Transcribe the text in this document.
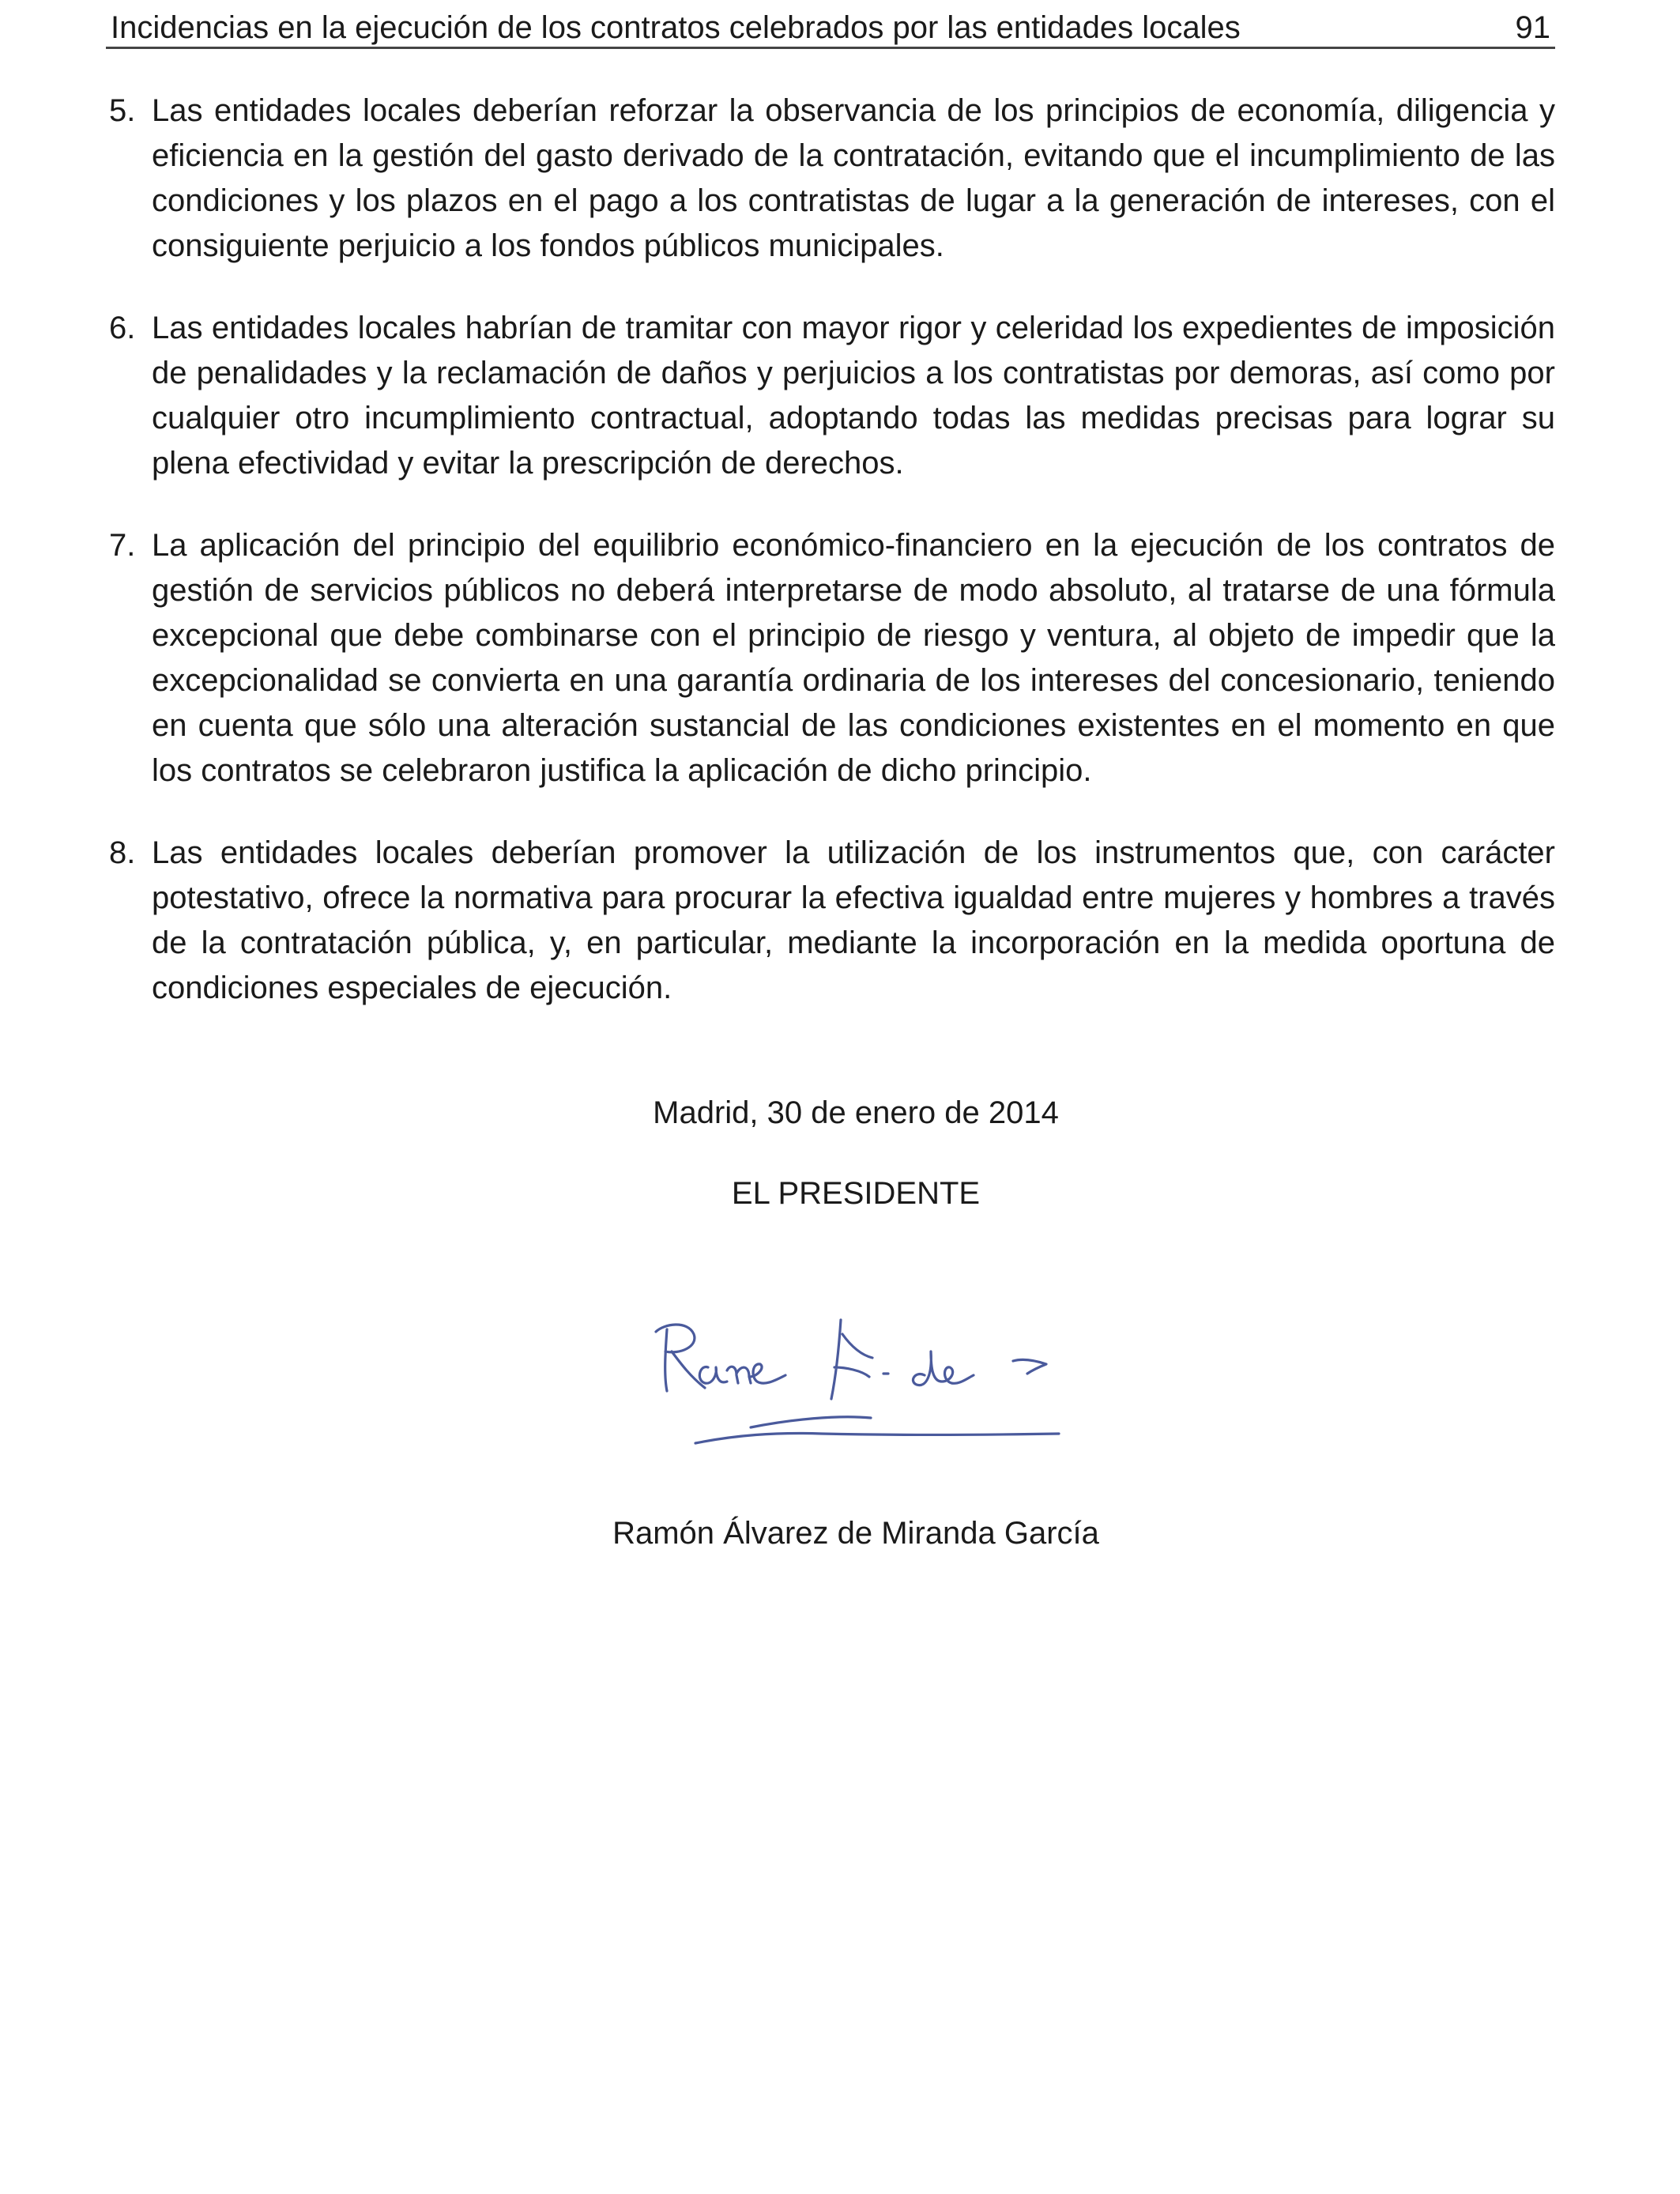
Incidencias en la ejecución de los contratos celebrados por las entidades locales	91
5. Las entidades locales deberían reforzar la observancia de los principios de economía, diligencia y eficiencia en la gestión del gasto derivado de la contratación, evitando que el incumplimiento de las condiciones y los plazos en el pago a los contratistas de lugar a la generación de intereses, con el consiguiente perjuicio a los fondos públicos municipales.
6. Las entidades locales habrían de tramitar con mayor rigor y celeridad los expedientes de imposición de penalidades y la reclamación de daños y perjuicios a los contratistas por demoras, así como por cualquier otro incumplimiento contractual, adoptando todas las medidas precisas para lograr su plena efectividad y evitar la prescripción de derechos.
7. La aplicación del principio del equilibrio económico-financiero en la ejecución de los contratos de gestión de servicios públicos no deberá interpretarse de modo absoluto, al tratarse de una fórmula excepcional que debe combinarse con el principio de riesgo y ventura, al objeto de impedir que la excepcionalidad se convierta en una garantía ordinaria de los intereses del concesionario, teniendo en cuenta que sólo una alteración sustancial de las condiciones existentes en el momento en que los contratos se celebraron justifica la aplicación de dicho principio.
8. Las entidades locales deberían promover la utilización de los instrumentos que, con carácter potestativo, ofrece la normativa para procurar la efectiva igualdad entre mujeres y hombres a través de la contratación pública, y, en particular, mediante la incorporación en la medida oportuna de condiciones especiales de ejecución.
Madrid, 30 de enero de 2014
EL PRESIDENTE
Ramón Álvarez de Miranda García
